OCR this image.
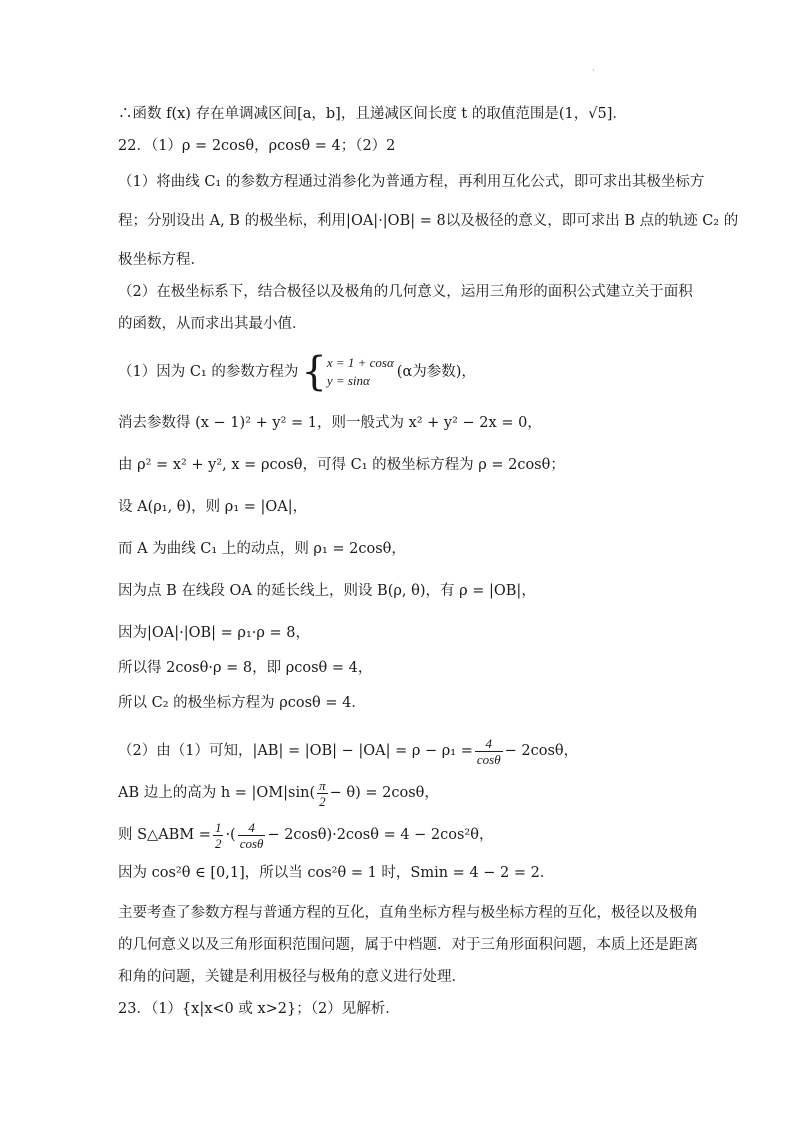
·
∴函数 f(x) 存在单调减区间[a，b]，且递减区间长度 t 的取值范围是(1，√5]．
22．（1）ρ = 2cosθ，ρcosθ = 4；（2）2
（1）将曲线 C₁ 的参数方程通过消参化为普通方程，再利用互化公式，即可求出其极坐标方
程；分别设出 A, B 的极坐标，利用|OA|·|OB| = 8以及极径的意义，即可求出 B 点的轨迹 C₂ 的
极坐标方程．
（2）在极坐标系下，结合极径以及极角的几何意义，运用三角形的面积公式建立关于面积
的函数，从而求出其最小值．
（1）因为 C₁ 的参数方程为{ x = 1 + cosα
y = sinα
(α为参数)，
消去参数得 (x − 1)² + y² = 1，则一般式为 x² + y² − 2x = 0，
由 ρ² = x² + y², x = ρcosθ，可得 C₁ 的极坐标方程为 ρ = 2cosθ；
设 A(ρ₁, θ)，则 ρ₁ = |OA|，
而 A 为曲线 C₁ 上的动点，则 ρ₁ = 2cosθ，
因为点 B 在线段 OA 的延长线上，则设 B(ρ, θ)，有 ρ = |OB|，
因为|OA|·|OB| = ρ₁·ρ = 8，
所以得 2cosθ·ρ = 8，即 ρcosθ = 4，
所以 C₂ 的极坐标方程为 ρcosθ = 4．
（2）由（1）可知，$|AB| = |OB| - |OA| = \rho - \rho_1 = \frac{4}{\cos\theta} - 2\cos\theta$，
AB 边上的高为 $h = |OM|\sin( \frac{\pi}{2} - \theta) = 2\cos\theta$，
则 S△ABM = $\frac{1}{2}$ ·( $\frac{4}{\cos\theta} - 2\cos\theta)\cdot 2\cos\theta = 4 - 2\cos^2\theta$，
因为 cos²θ ∈ [0,1]，所以当 cos²θ = 1 时，Smin = 4 − 2 = 2．
主要考查了参数方程与普通方程的互化，直角坐标方程与极坐标方程的互化，极径以及极角
的几何意义以及三角形面积范围问题，属于中档题．对于三角形面积问题，本质上还是距离
和角的问题，关键是利用极径与极角的意义进行处理．
23．（1）{x|x<0 或 x>2}；（2）见解析．
